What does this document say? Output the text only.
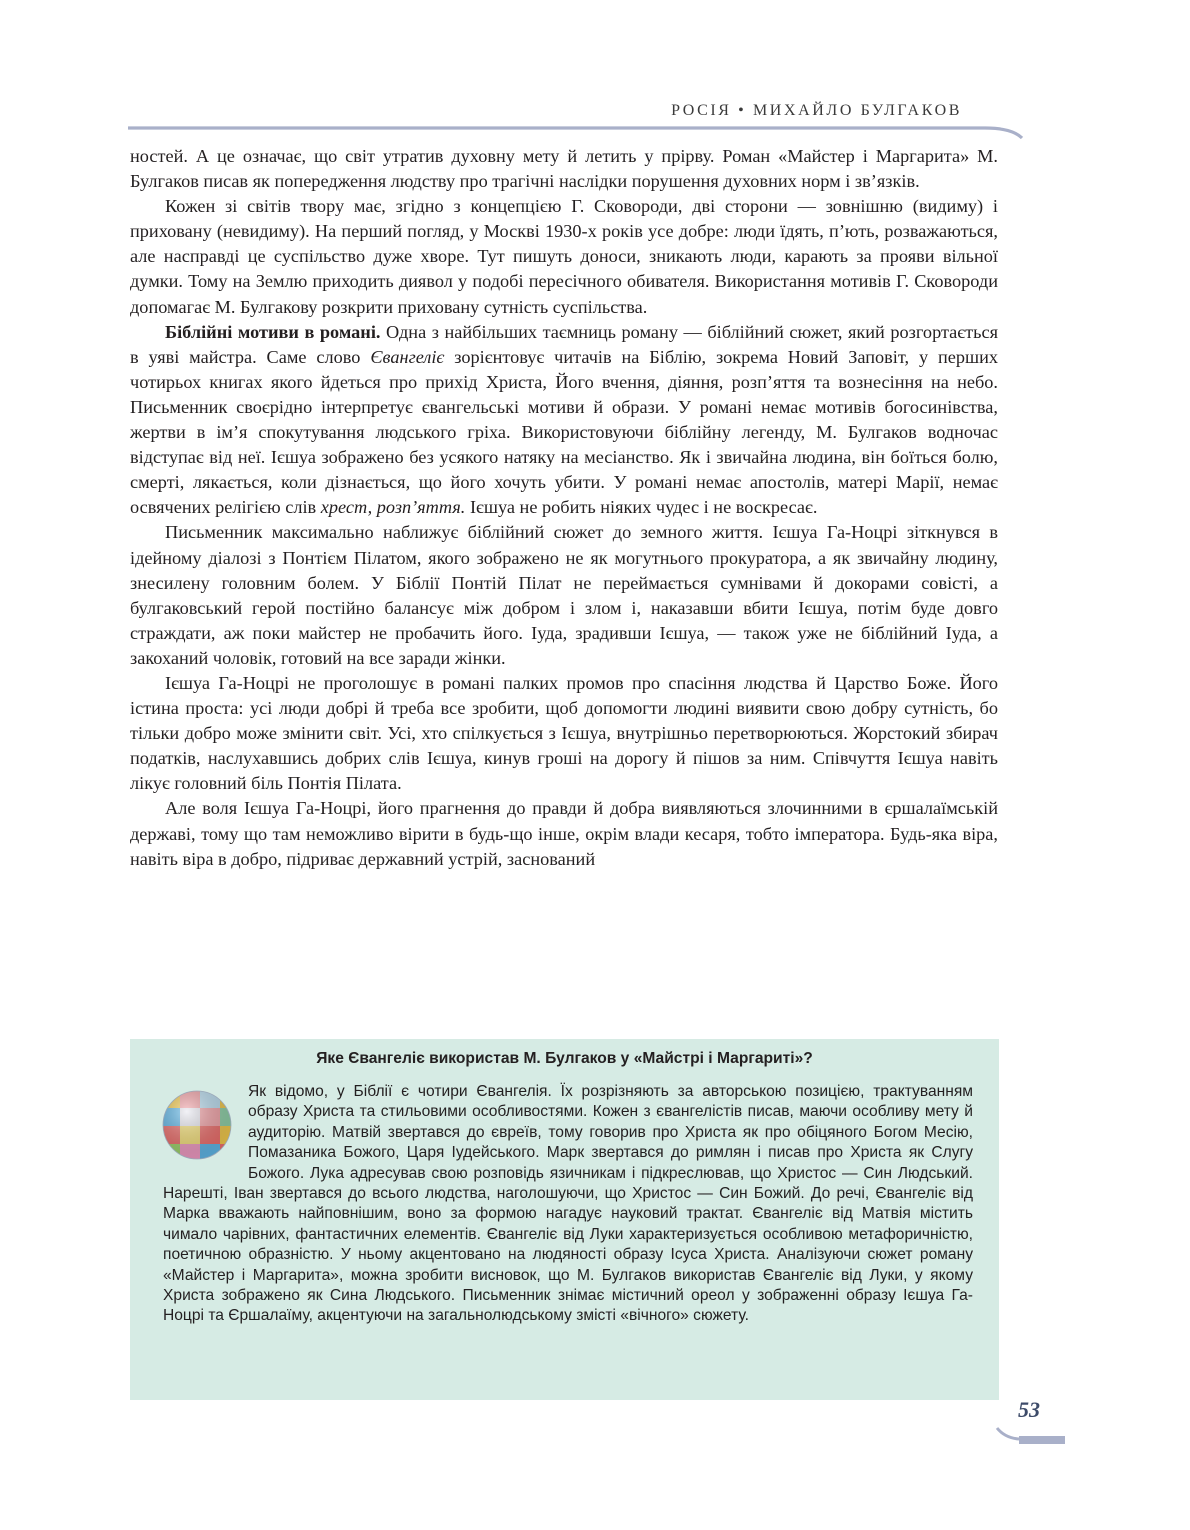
РОСІЯ • МИХАЙЛО БУЛГАКОВ

ностей. А це означає, що світ утратив духовну мету й летить у прірву. Роман «Майстер і Маргарита» М. Булгаков писав як попередження людству про трагічні наслідки порушення духовних норм і зв’язків.

Кожен зі світів твору має, згідно з концепцією Г. Сковороди, дві сторони — зовнішню (видиму) і приховану (невидиму). На перший погляд, у Москві 1930-х років усе добре: люди їдять, п’ють, розважаються, але насправді це суспільство дуже хворе. Тут пишуть доноси, зникають люди, карають за прояви вільної думки. Тому на Землю приходить диявол у подобі пересічного обивателя. Використання мотивів Г. Сковороди допомагає М. Булгакову розкрити приховану сутність суспільства.

Біблійні мотиви в романі. Одна з найбільших таємниць роману — біблійний сюжет, який розгортається в уяві майстра. Саме слово Євангеліє зорієнтовує читачів на Біблію, зокрема Новий Заповіт, у перших чотирьох книгах якого йдеться про прихід Христа, Його вчення, діяння, розп’яття та вознесіння на небо. Письменник своєрідно інтерпретує євангельські мотиви й образи. У романі немає мотивів богосинівства, жертви в ім’я спокутування людського гріха. Використовуючи біблійну легенду, М. Булгаков водночас відступає від неї. Ієшуа зображено без усякого натяку на месіанство. Як і звичайна людина, він боїться болю, смерті, лякається, коли дізнається, що його хочуть убити. У романі немає апостолів, матері Марії, немає освячених релігією слів хрест, розп’яття. Ієшуа не робить ніяких чудес і не воскресає.

Письменник максимально наближує біблійний сюжет до земного життя. Ієшуа Га-Ноцрі зіткнувся в ідейному діалозі з Понтієм Пілатом, якого зображено не як могутнього прокуратора, а як звичайну людину, знесилену головним болем. У Біблії Понтій Пілат не переймається сумнівами й докорами совісті, а булгаковський герой постійно балансує між добром і злом і, наказавши вбити Ієшуа, потім буде довго страждати, аж поки майстер не пробачить його. Іуда, зрадивши Ієшуа, — також уже не біблійний Іуда, а закоханий чоловік, готовий на все заради жінки.

Ієшуа Га-Ноцрі не проголошує в романі палких промов про спасіння людства й Царство Боже. Його істина проста: усі люди добрі й треба все зробити, щоб допомогти людині виявити свою добру сутність, бо тільки добро може змінити світ. Усі, хто спілкується з Ієшуа, внутрішньо перетворюються. Жорстокий збирач податків, наслухавшись добрих слів Ієшуа, кинув гроші на дорогу й пішов за ним. Співчуття Ієшуа навіть лікує головний біль Понтія Пілата.

Але воля Ієшуа Га-Ноцрі, його прагнення до правди й добра виявляються злочинними в єршалаїмській державі, тому що там неможливо вірити в будь-що інше, окрім влади кесаря, тобто імператора. Будь-яка віра, навіть віра в добро, підриває державний устрій, заснований

Яке Євангеліє використав М. Булгаков у «Майстрі і Маргариті»?
Як відомо, у Біблії є чотири Євангелія. Їх розрізняють за авторською позицією, трактуванням образу Христа та стильовими особливостями. Кожен з євангелістів писав, маючи особливу мету й аудиторію. Матвій звертався до євреїв, тому говорив про Христа як про обіцяного Богом Месію, Помазаника Божого, Царя Іудейського. Марк звертався до римлян і писав про Христа як Слугу Божого. Лука адресував свою розповідь язичникам і підкреслював, що Христос — Син Людський. Нарешті, Іван звертався до всього людства, наголошуючи, що Христос — Син Божий. До речі, Євангеліє від Марка вважають найповнішим, воно за формою нагадує науковий трактат. Євангеліє від Матвія містить чимало чарівних, фантастичних елементів. Євангеліє від Луки характеризується особливою метафоричністю, поетичною образністю. У ньому акцентовано на людяності образу Ісуса Христа. Аналізуючи сюжет роману «Майстер і Маргарита», можна зробити висновок, що М. Булгаков використав Євангеліє від Луки, у якому Христа зображено як Сина Людського. Письменник знімає містичний ореол у зображенні образу Ієшуа Га-Ноцрі та Єршалаїму, акцентуючи на загальнолюдському змісті «вічного» сюжету.
53
